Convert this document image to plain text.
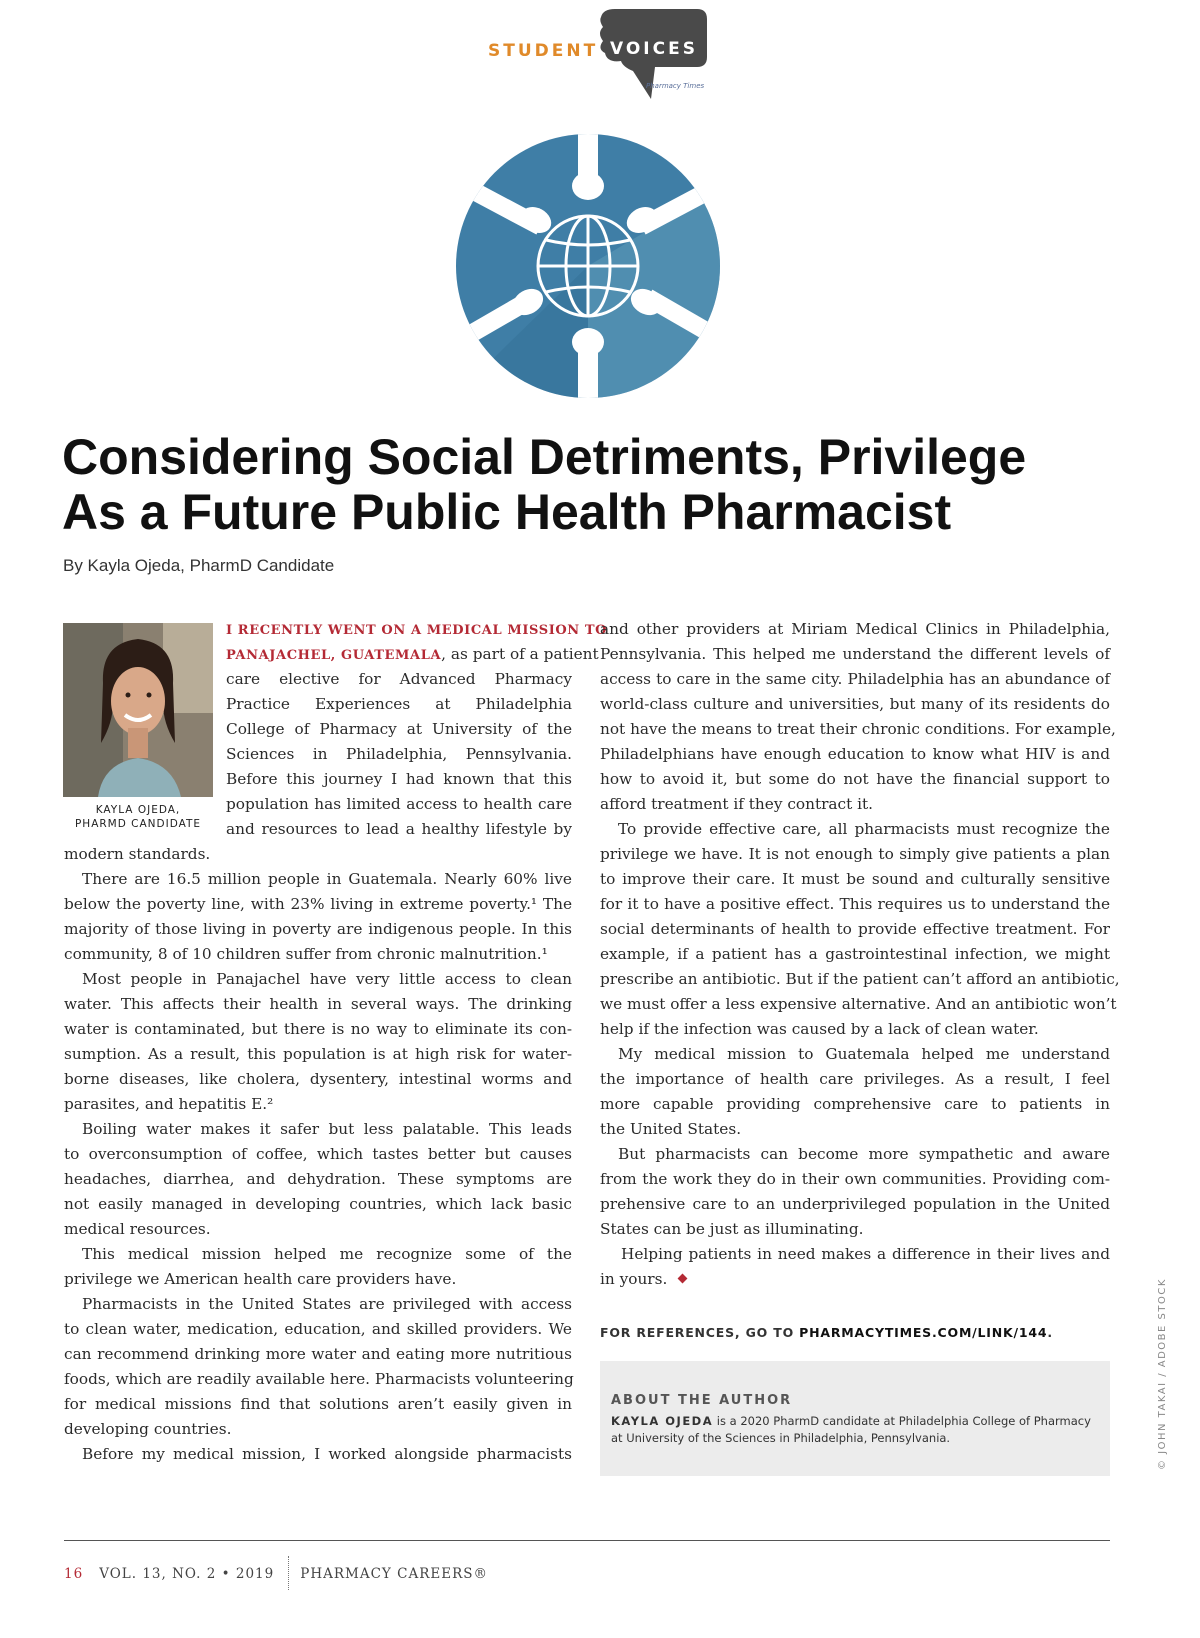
STUDENT VOICES
Pharmacy Times
Considering Social Detriments, Privilege
As a Future Public Health Pharmacist
By Kayla Ojeda, PharmD Candidate
KAYLA OJEDA,
PHARMD CANDIDATE
I RECENTLY WENT ON A MEDICAL MISSION TO
PANAJACHEL, GUATEMALA, as part of a patient
care elective for Advanced Pharmacy
Practice Experiences at Philadelphia
College of Pharmacy at University of the
Sciences in Philadelphia, Pennsylvania.
Before this journey I had known that this
population has limited access to health care
and resources to lead a healthy lifestyle by
modern standards.
There are 16.5 million people in Guatemala. Nearly 60% live
below the poverty line, with 23% living in extreme poverty.¹ The
majority of those living in poverty are indigenous people. In this
community, 8 of 10 children suffer from chronic malnutrition.¹
Most people in Panajachel have very little access to clean
water. This affects their health in several ways. The drinking
water is contaminated, but there is no way to eliminate its con-
sumption. As a result, this population is at high risk for water-
borne diseases, like cholera, dysentery, intestinal worms and
parasites, and hepatitis E.²
Boiling water makes it safer but less palatable. This leads
to overconsumption of coffee, which tastes better but causes
headaches, diarrhea, and dehydration. These symptoms are
not easily managed in developing countries, which lack basic
medical resources.
This medical mission helped me recognize some of the
privilege we American health care providers have.
Pharmacists in the United States are privileged with access
to clean water, medication, education, and skilled providers. We
can recommend drinking more water and eating more nutritious
foods, which are readily available here. Pharmacists volunteering
for medical missions find that solutions aren’t easily given in
developing countries.
Before my medical mission, I worked alongside pharmacists
and other providers at Miriam Medical Clinics in Philadelphia,
Pennsylvania. This helped me understand the different levels of
access to care in the same city. Philadelphia has an abundance of
world-class culture and universities, but many of its residents do
not have the means to treat their chronic conditions. For example,
Philadelphians have enough education to know what HIV is and
how to avoid it, but some do not have the financial support to
afford treatment if they contract it.
To provide effective care, all pharmacists must recognize the
privilege we have. It is not enough to simply give patients a plan
to improve their care. It must be sound and culturally sensitive
for it to have a positive effect. This requires us to understand the
social determinants of health to provide effective treatment. For
example, if a patient has a gastrointestinal infection, we might
prescribe an antibiotic. But if the patient can’t afford an antibiotic,
we must offer a less expensive alternative. And an antibiotic won’t
help if the infection was caused by a lack of clean water.
My medical mission to Guatemala helped me understand
the importance of health care privileges. As a result, I feel
more capable providing comprehensive care to patients in
the United States.
But pharmacists can become more sympathetic and aware
from the work they do in their own communities. Providing com-
prehensive care to an underprivileged population in the United
States can be just as illuminating.
Helping patients in need makes a difference in their lives and
in yours.
FOR REFERENCES, GO TO PHARMACYTIMES.COM/LINK/144.
ABOUT THE AUTHOR
KAYLA OJEDA is a 2020 PharmD candidate at Philadelphia College of Pharmacy
at University of the Sciences in Philadelphia, Pennsylvania.	© JOHN TAKAI / ADOBE STOCK
16 VOL. 13, NO. 2 • 2019 PHARMACY CAREERS®
